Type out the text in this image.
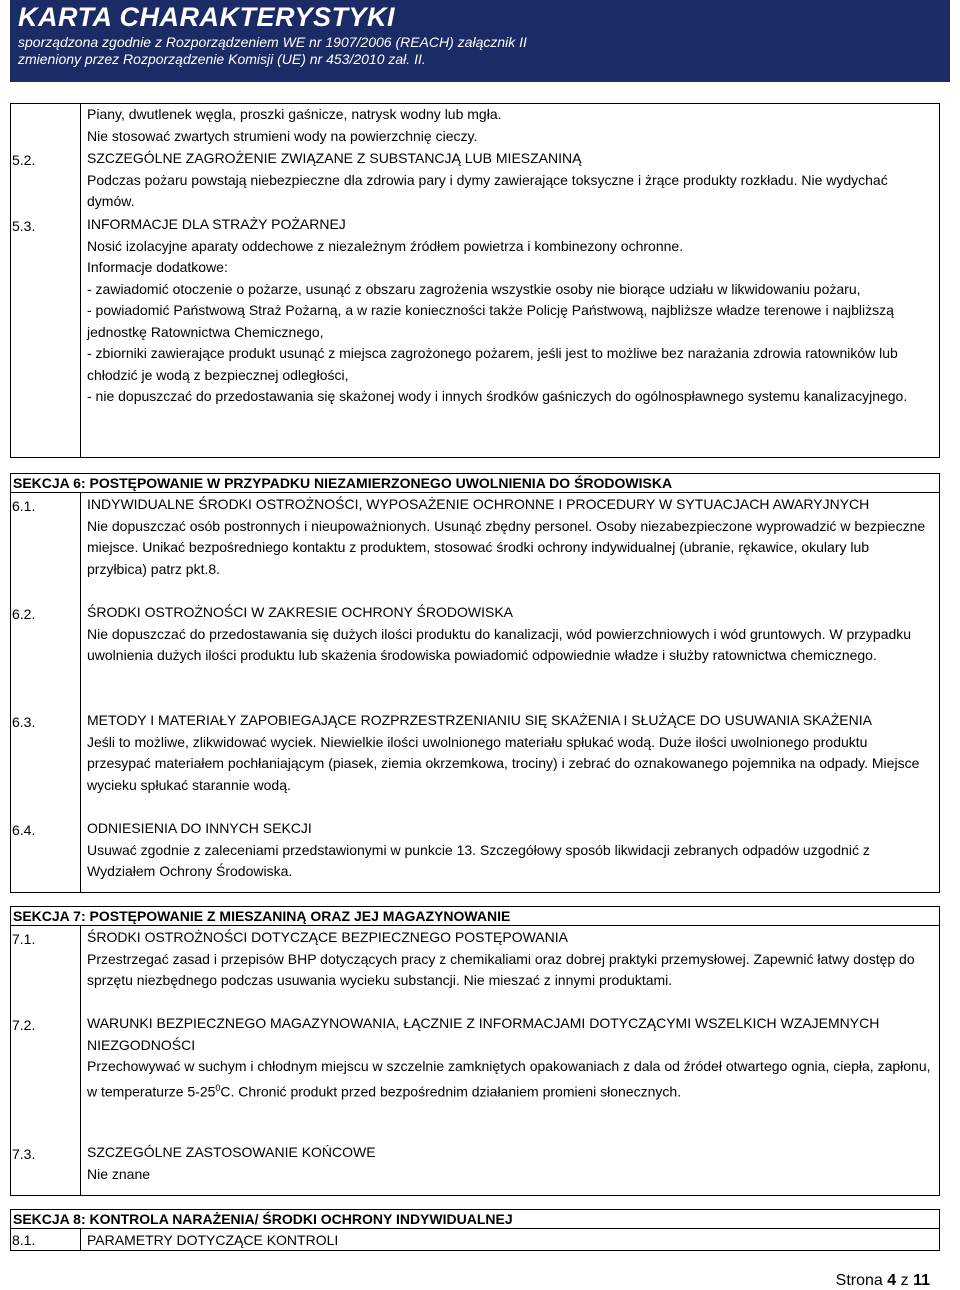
KARTA CHARAKTERYSTYKI
sporządzona zgodnie z Rozporządzeniem WE nr 1907/2006 (REACH) załącznik II
zmieniony przez Rozporządzenie Komisji (UE) nr 453/2010 zał. II.
Piany, dwutlenek węgla, proszki gaśnicze, natrysk wodny lub mgła.
Nie stosować zwartych strumieni wody na powierzchnię cieczy.
5.2.	SZCZEGÓLNE ZAGROŻENIE ZWIĄZANE Z SUBSTANCJĄ LUB MIESZANINĄ
Podczas pożaru powstają niebezpieczne dla zdrowia pary i dymy zawierające toksyczne i żrące produkty rozkładu. Nie wydychać dymów.
5.3.	INFORMACJE DLA STRAŻY POŻARNEJ
Nosić izolacyjne aparaty oddechowe z niezależnym źródłem powietrza i kombinezony ochronne.
Informacje dodatkowe:
- zawiadomić otoczenie o pożarze, usunąć z obszaru zagrożenia wszystkie osoby nie biorące udziału w likwidowaniu pożaru,
- powiadomić Państwową Straż Pożarną, a w razie konieczności także Policję Państwową, najbliższe władze terenowe i najbliższą jednostkę Ratownictwa Chemicznego,
- zbiorniki zawierające produkt usunąć z miejsca zagrożonego pożarem, jeśli jest to możliwe bez narażania zdrowia ratowników lub chłodzić je wodą z bezpiecznej odległości,
- nie dopuszczać do przedostawania się skażonej wody i innych środków gaśniczych do ogólnospławnego systemu kanalizacyjnego.
SEKCJA 6: POSTĘPOWANIE W PRZYPADKU NIEZAMIERZONEGO UWOLNIENIA DO ŚRODOWISKA
6.1.	INDYWIDUALNE ŚRODKI OSTROŻNOŚCI, WYPOSAŻENIE OCHRONNE I PROCEDURY W SYTUACJACH AWARYJNYCH
Nie dopuszczać osób postronnych i nieupoważnionych. Usunąć zbędny personel. Osoby niezabezpieczone wyprowadzić w bezpieczne miejsce. Unikać bezpośredniego kontaktu z produktem, stosować środki ochrony indywidualnej (ubranie, rękawice, okulary lub przyłbica) patrz pkt.8.
6.2.	ŚRODKI OSTROŻNOŚCI W ZAKRESIE OCHRONY ŚRODOWISKA
Nie dopuszczać do przedostawania się dużych ilości produktu do kanalizacji, wód powierzchniowych i wód gruntowych. W przypadku uwolnienia dużych ilości produktu lub skażenia środowiska powiadomić odpowiednie władze i służby ratownictwa chemicznego.
6.3.	METODY I MATERIAŁY ZAPOBIEGAJĄCE ROZPRZESTRZENIANIU SIĘ SKAŻENIA I SŁUŻĄCE DO USUWANIA SKAŻENIA
Jeśli to możliwe, zlikwidować wyciek. Niewielkie ilości uwolnionego materiału spłukać wodą. Duże ilości uwolnionego produktu przesypać materiałem pochłaniającym (piasek, ziemia okrzemkowa, trociny) i zebrać do oznakowanego pojemnika na odpady. Miejsce wycieku spłukać starannie wodą.
6.4.	ODNIESIENIA DO INNYCH SEKCJI
Usuwać zgodnie z zaleceniami przedstawionymi w punkcie 13. Szczegółowy sposób likwidacji zebranych odpadów uzgodnić z Wydziałem Ochrony Środowiska.
SEKCJA 7: POSTĘPOWANIE Z MIESZANINĄ ORAZ JEJ MAGAZYNOWANIE
7.1.	ŚRODKI OSTROŻNOŚCI DOTYCZĄCE BEZPIECZNEGO POSTĘPOWANIA
Przestrzegać zasad i przepisów BHP dotyczących pracy z chemikaliami oraz dobrej praktyki przemysłowej. Zapewnić łatwy dostęp do sprzętu niezbędnego podczas usuwania wycieku substancji. Nie mieszać z innymi produktami.
7.2.	WARUNKI BEZPIECZNEGO MAGAZYNOWANIA, ŁĄCZNIE Z INFORMACJAMI DOTYCZĄCYMI WSZELKICH WZAJEMNYCH NIEZGODNOŚCI
Przechowywać w suchym i chłodnym miejscu w szczelnie zamkniętych opakowaniach z dala od źródeł otwartego ognia, ciepła, zapłonu, w temperaturze $5-25^0C$. Chronić produkt przed bezpośrednim działaniem promieni słonecznych.
7.3.	SZCZEGÓLNE ZASTOSOWANIE KOŃCOWE
Nie znane
SEKCJA 8: KONTROLA NARAŻENIA/ ŚRODKI OCHRONY INDYWIDUALNEJ
8.1.	PARAMETRY DOTYCZĄCE KONTROLI
Strona 4 z 11
